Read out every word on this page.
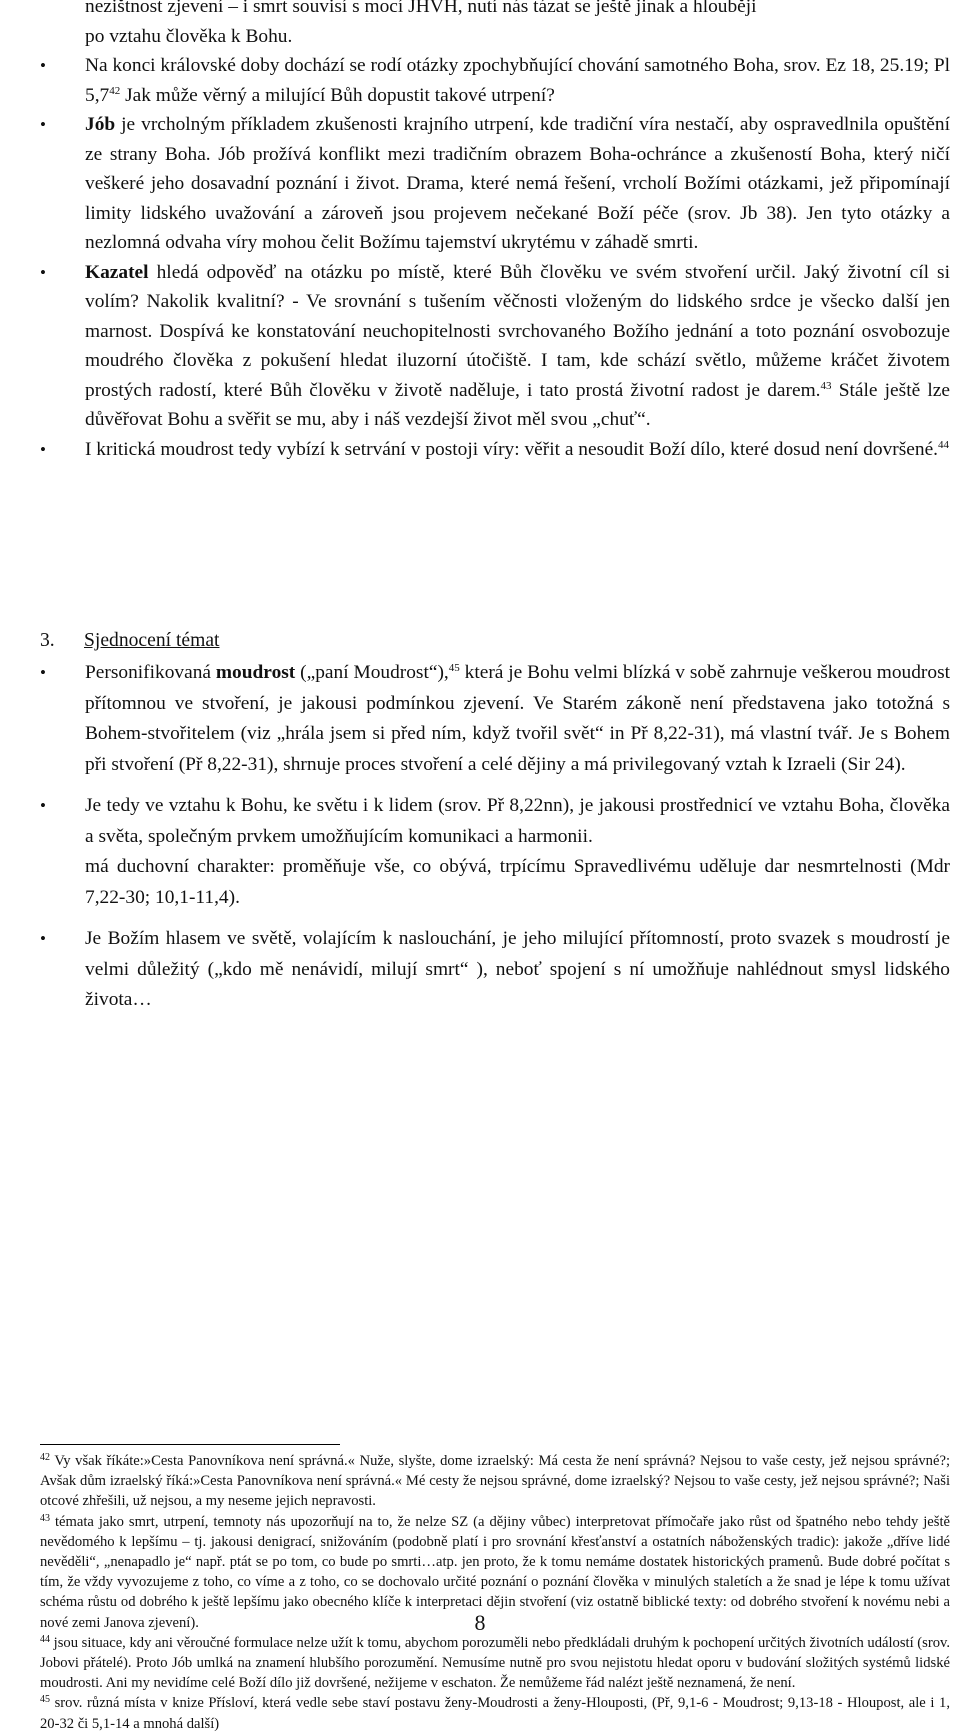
nezištnost zjevení – i smrt souvisí s mocí JHVH, nutí nás tázat se ještě jinak a hlouběji
po vztahu člověka k Bohu.
•	Na konci královské doby dochází se rodí otázky zpochybňující chování samotného Boha, srov. Ez 18, 25.19; Pl $5,7^{42}$ Jak může věrný a milující Bůh dopustit takové utrpení?
•	Jób je vrcholným příkladem zkušenosti krajního utrpení, kde tradiční víra nestačí, aby ospravedlnila opuštění ze strany Boha. Jób prožívá konflikt mezi tradičním obrazem Boha-ochránce a zkušeností Boha, který ničí veškeré jeho dosavadní poznání i život. Drama, které nemá řešení, vrcholí Božími otázkami, jež připomínají limity lidského uvažování a zároveň jsou projevem nečekané Boží péče (srov. Jb 38). Jen tyto otázky a nezlomná odvaha víry mohou čelit Božímu tajemství ukrytému v záhadě smrti.
•	Kazatel hledá odpověď na otázku po místě, které Bůh člověku ve svém stvoření určil. Jaký životní cíl si volím? Nakolik kvalitní? - Ve srovnání s tušením věčnosti vloženým do lidského srdce je všecko další jen marnost. Dospívá ke konstatování neuchopitelnosti svrchovaného Božího jednání a toto poznání osvobozuje moudrého člověka z pokušení hledat iluzorní útočiště. I tam, kde schází světlo, můžeme kráčet životem prostých radostí, které Bůh člověku v životě naděluje, i tato prostá životní radost je darem.$^{43}$ Stále ještě lze důvěřovat Bohu a svěřit se mu, aby i náš vezdejší život měl svou „chuť“.
•	I kritická moudrost tedy vybízí k setrvání v postoji víry: věřit a nesoudit Boží dílo, které dosud není dovršené.$^{44}$
3. Sjednocení témat
•	Personifikovaná moudrost („paní Moudrost“),$^{45}$ která je Bohu velmi blízká v sobě zahrnuje veškerou moudrost přítomnou ve stvoření, je jakousi podmínkou zjevení. Ve Starém zákoně není představena jako totožná s Bohem-stvořitelem (viz „hrála jsem si před ním, když tvořil svět“ in Př 8,22-31), má vlastní tvář. Je s Bohem při stvoření (Př 8,22-31), shrnuje proces stvoření a celé dějiny a má privilegovaný vztah k Izraeli (Sir 24).
•	Je tedy ve vztahu k Bohu, ke světu i k lidem (srov. Př 8,22nn), je jakousi prostřednicí ve vztahu Boha, člověka a světa, společným prvkem umožňujícím komunikaci a harmonii.
má duchovní charakter: proměňuje vše, co obývá, trpícímu Spravedlivému uděluje dar nesmrtelnosti (Mdr 7,22-30; 10,1-11,4).
•	Je Božím hlasem ve světě, volajícím k naslouchání, je jeho milující přítomností, proto svazek s moudrostí je velmi důležitý („kdo mě nenávidí, milují smrt“ ), neboť spojení s ní umožňuje nahlédnout smysl lidského života…
$^{42}$ Vy však říkáte:»Cesta Panovníkova není správná.« Nuže, slyšte, dome izraelský: Má cesta že není správná? Nejsou to vaše cesty, jež nejsou správné?; Avšak dům izraelský říká:»Cesta Panovníkova není správná.« Mé cesty že nejsou správné, dome izraelský? Nejsou to vaše cesty, jež nejsou správné?; Naši otcové zhřešili, už nejsou, a my neseme jejich nepravosti.
$^{43}$ témata jako smrt, utrpení, temnoty nás upozorňují na to, že nelze SZ (a dějiny vůbec) interpretovat přímočaře jako růst od špatného nebo tehdy ještě nevědomého k lepšímu – tj. jakousi denigrací, snižováním (podobně platí i pro srovnání křesťanství a ostatních náboženských tradic): jakože „dříve lidé nevěděli“, „nenapadlo je“ např. ptát se po tom, co bude po smrti…atp. jen proto, že k tomu nemáme dostatek historických pramenů. Bude dobré počítat s tím, že vždy vyvozujeme z toho, co víme a z toho, co se dochovalo určité poznání o poznání člověka v minulých staletích a že snad je lépe k tomu užívat schéma růstu od dobrého k ještě lepšímu jako obecného klíče k interpretaci dějin stvoření (viz ostatně biblické texty: od dobrého stvoření k novému nebi a nové zemi Janova zjevení).
$^{44}$ jsou situace, kdy ani věroučné formulace nelze užít k tomu, abychom porozuměli nebo předkládali druhým k pochopení určitých životních událostí (srov. Jobovi přátelé). Proto Jób umlká na znamení hlubšího porozumění. Nemusíme nutně pro svou nejistotu hledat oporu v budování složitých systémů lidské moudrosti. Ani my nevidíme celé Boží dílo již dovršené, nežijeme v eschaton. Že nemůžeme řád nalézt ještě neznamená, že není.
$^{45}$ srov. různá místa v knize Přísloví, která vedle sebe staví postavu ženy-Moudrosti a ženy-Hlouposti, (Př, 9,1-6 - Moudrost; 9,13-18 - Hloupost, ale i 1, 20-32 či 5,1-14 a mnohá další)
8
